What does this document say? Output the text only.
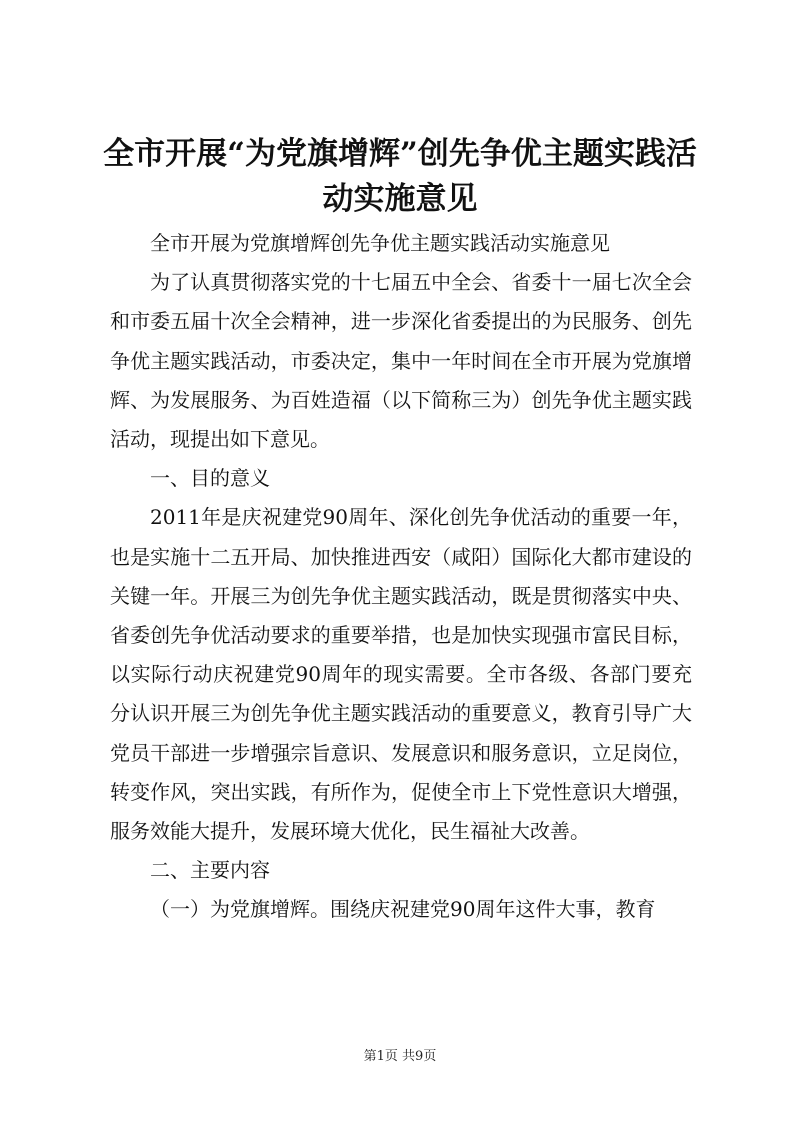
全市开展“为党旗增辉”创先争优主题实践活动实施意见

全市开展为党旗增辉创先争优主题实践活动实施意见

为了认真贯彻落实党的十七届五中全会、省委十一届七次全会和市委五届十次全会精神，进一步深化省委提出的为民服务、创先争优主题实践活动，市委决定，集中一年时间在全市开展为党旗增辉、为发展服务、为百姓造福（以下简称三为）创先争优主题实践活动，现提出如下意见。

一、目的意义

2011年是庆祝建党90周年、深化创先争优活动的重要一年，也是实施十二五开局、加快推进西安（咸阳）国际化大都市建设的关键一年。开展三为创先争优主题实践活动，既是贯彻落实中央、省委创先争优活动要求的重要举措，也是加快实现强市富民目标，以实际行动庆祝建党90周年的现实需要。全市各级、各部门要充分认识开展三为创先争优主题实践活动的重要意义，教育引导广大党员干部进一步增强宗旨意识、发展意识和服务意识，立足岗位，转变作风，突出实践，有所作为，促使全市上下党性意识大增强，服务效能大提升，发展环境大优化，民生福祉大改善。

二、主要内容

（一）为党旗增辉。围绕庆祝建党90周年这件大事，教育

第1页 共9页
